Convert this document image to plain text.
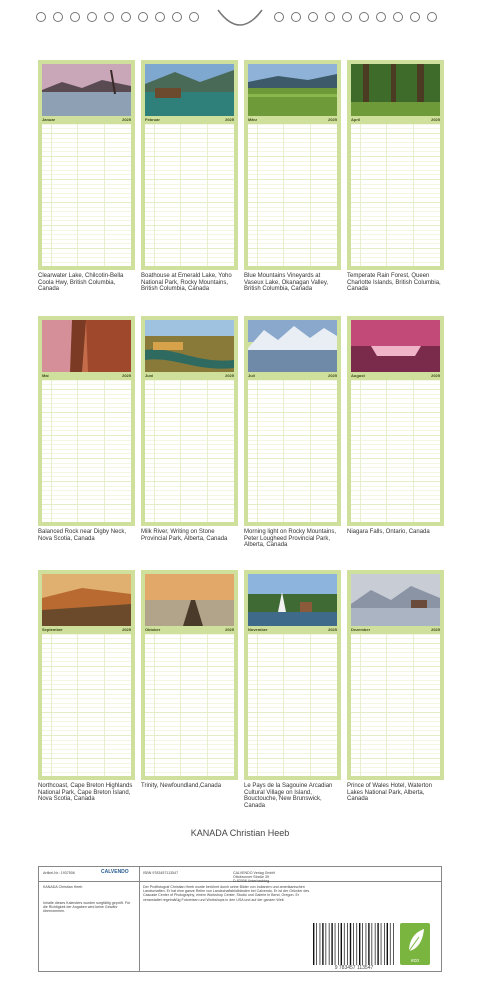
Januar	2025
Clearwater Lake, Chilcotin-Bella Coola Hwy, British Columbia, Canada
Februar	2025
Boathouse at Emerald Lake, Yoho National Park, Rocky Mountains, British Columbia, Canada
März	2025
Blue Mountains Vineyards at Vaseux Lake, Okanagan Valley, British Columbia, Canada
April	2025
Temperate Rain Forest, Queen Charlotte Islands, British Columbia, Canada
Mai	2025
Balanced Rock near Digby Neck, Nova Scotia, Canada
Juni	2025
Milk River, Writing on Stone Provincial Park, Alberta, Canada
Juli	2025
Morning light on Rocky Mountains, Peter Lougheed Provincial Park, Alberta, Canada
August	2025
Niagara Falls, Ontario, Canada
September	2025
Northcoast, Cape Breton Highlands National Park, Cape Breton Island, Nova Scotia, Canada
Oktober	2025
Trinity, Newfoundland,Canada
November	2025
Le Pays de la Sagouine Arcadian Cultural Village on Island, Bouctouche, New Brunswick, Canada
Dezember	2025
Prince of Wales Hotel, Waterton Lakes National Park, Alberta, Canada
KANADA Christian Heeb
Artikel-Nr.: 1937506	CALVENDO
KANADA Christian Heeb
Inhalte dieses Kalenders wurden sorgfältig geprüft. Für die Richtigkeit der Angaben wird keine Gewähr übernommen.
ISBN 9783457113547	CALVENDO Verlag GmbH
Ottobrunner Straße 39
D-82008 Unterhaching
Der Profifotograf Christian Heeb wurde berühmt durch seine Bilder von Indianern und amerikanischen Landschaften. Er hat eine ganze Reihe von Landschaftsbildbänden bei Calvendo. Er ist der Gründer des Cascade Center of Photography, einem Workshop Center, Studio und Galerie in Bend, Oregon. Er veranstaltet regelmäßig Fotoreisen und Workshops in den USA und auf der ganzen Welt.
9 783457 113547
eco
